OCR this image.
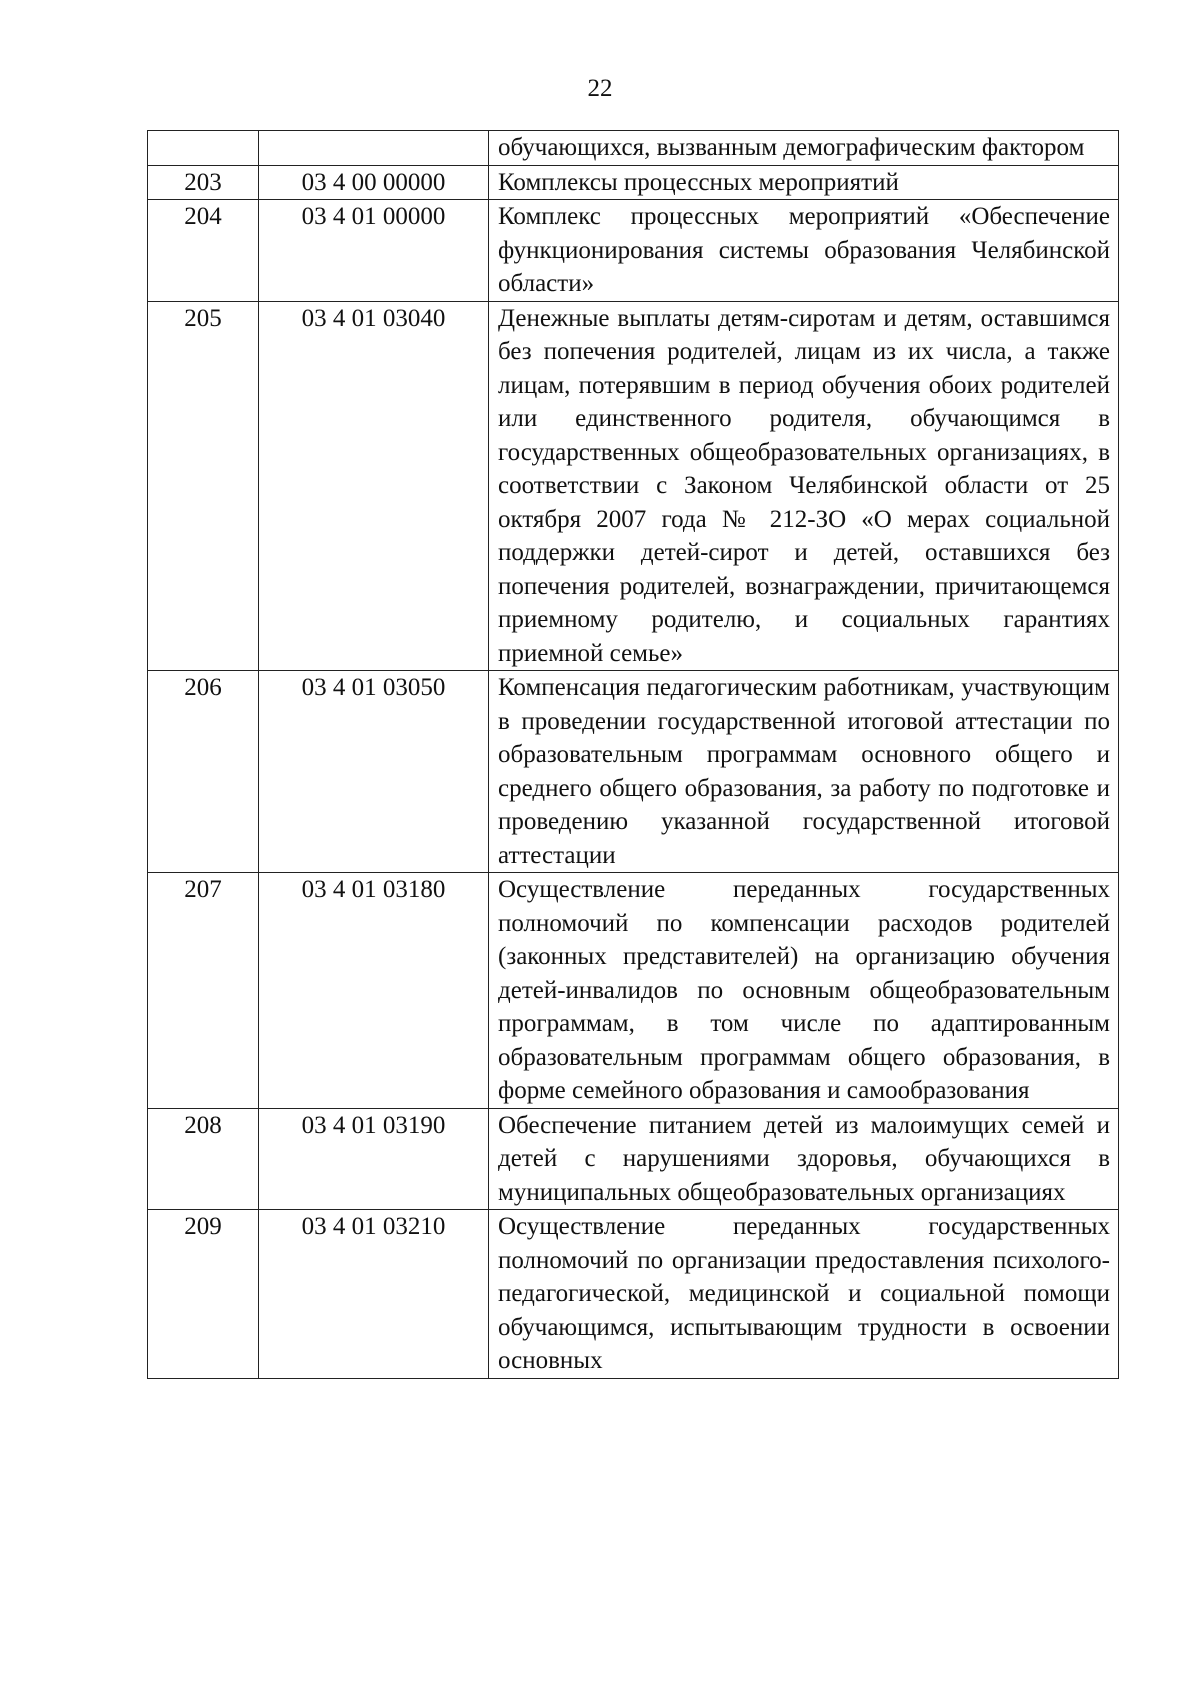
22
		обучающихся, вызванным демографическим фактором
203	03 4 00 00000	Комплексы процессных мероприятий
204	03 4 01 00000	Комплекс процессных мероприятий «Обеспечение функционирования системы образования Челябинской области»
205	03 4 01 03040	Денежные выплаты детям-сиротам и детям, оставшимся без попечения родителей, лицам из их числа, а также лицам, потерявшим в период обучения обоих родителей или единственного родителя, обучающимся в государственных общеобразовательных организациях, в соответствии с Законом Челябинской области от 25 октября 2007 года № 212-ЗО «О мерах социальной поддержки детей-сирот и детей, оставшихся без попечения родителей, вознаграждении, причитающемся приемному родителю, и социальных гарантиях приемной семье»
206	03 4 01 03050	Компенсация педагогическим работникам, участвующим в проведении государственной итоговой аттестации по образовательным программам основного общего и среднего общего образования, за работу по подготовке и проведению указанной государственной итоговой аттестации
207	03 4 01 03180	Осуществление переданных государственных полномочий по компенсации расходов родителей (законных представителей) на организацию обучения детей-инвалидов по основным общеобразовательным программам, в том числе по адаптированным образовательным программам общего образования, в форме семейного образования и самообразования
208	03 4 01 03190	Обеспечение питанием детей из малоимущих семей и детей с нарушениями здоровья, обучающихся в муниципальных общеобразовательных организациях
209	03 4 01 03210	Осуществление переданных государственных полномочий по организации предоставления психолого-педагогической, медицинской и социальной помощи обучающимся, испытывающим трудности в освоении основных
